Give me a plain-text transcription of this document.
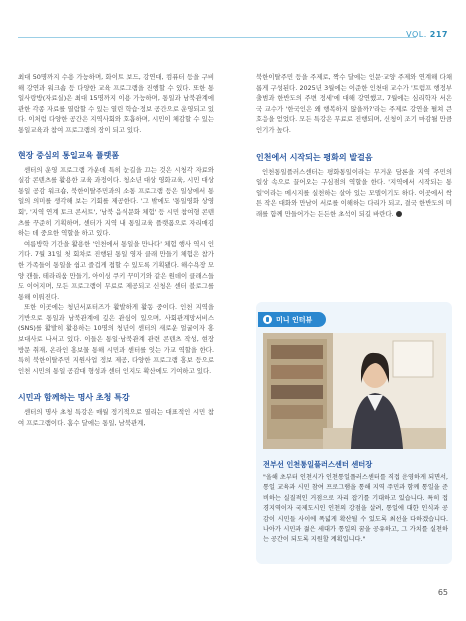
VOL. 217

최대 50명까지 수용 가능하며, 화이트 보드, 강연대, 컴퓨터 등을 구비해 강연과 워크숍 등 다양한 교육 프로그램을 진행할 수 있다. 또한 통일사랑방(자료실)은 최대 15명까지 이용 가능하며, 통일과 남북관계에 관한 각종 자료를 열람할 수 있는 열린 학습·정보 공간으로 운영되고 있다. 이처럼 다양한 공간은 지역사회와 호흡하며, 시민이 체감할 수 있는 통일교육과 참여 프로그램의 장이 되고 있다.

현장 중심의 통일교육 플랫폼

센터의 운영 프로그램 가운데 특히 눈길을 끄는 것은 시청각 자료와 실감 콘텐츠를 활용한 교육 과정이다. 청소년 대상 영화교육, 시민 대상 통일 공감 워크숍, 북한이탈주민과의 소통 프로그램 등은 일상에서 통일의 의미를 생각해 보는 기회를 제공한다. '그 밖에도 '통일영화 상영회', '지역 연계 토크 콘서트', '남북 음식문화 체험' 등 시민 참여형 콘텐츠를 꾸준히 기획하며, 센터가 지역 내 통일교육 플랫폼으로 자리매김하는 데 중요한 역할을 하고 있다.

여름방학 기간을 활용한 '인천에서 통일을 만나다' 체험 행사 역시 인기다. 7월 31일 첫 회차로 진행된 통일 영자 클래 만들기 체험은 참가한 가족들이 통일을 쉽고 즐겁게 접할 수 있도록 기획됐다. 해수욕장 모양 캔들, 테라리움 만들기, 아이싱 쿠키 꾸미기와 같은 원데이 클래스들도 이어지며, 모든 프로그램이 무료로 제공되고 신청은 센터 블로그를 통해 이뤄진다.

또한 이곳에는 청년서포터즈가 활발하게 활동 중이다. 인천 지역을 기반으로 통일과 남북관계에 깊은 관심이 있으며, 사회관계망서비스(SNS)를 활발히 활용하는 10명의 청년이 센터의 새로운 얼굴이자 홍보대사로 나서고 있다. 이들은 통일·남북관계 관련 콘텐츠 작성, 현장 방문 취재, 온라인 홍보물 통해 시민과 센터를 잇는 가교 역할을 한다. 특히 북한이탈주민 지원사업 정보 제공, 다양한 프로그램 홍보 등으로 인천 시민의 통일 공감대 형성과 센터 인지도 확산에도 기여하고 있다.

시민과 함께하는 명사 초청 특강

센터의 명사 초청 특강은 매월 정기적으로 열리는 대표적인 시민 참여 프로그램이다. 홈수 달에는 통일, 남북관계,

북한이탈주민 등을 주제로, 짝수 달에는 인문·교양 주제와 연계해 다채롭게 구성된다. 2025년 3월에는 이준한 인천대 교수가 '트럼프 행정부 출범과 한반도의 주변 정세'에 대해 강연했고, 7월에는 심리학자 서은국 교수가 '한국인은 왜 행복하지 않을까?'라는 주제로 강연을 펼쳐 큰 호응을 얻었다. 모든 특강은 무료로 진행되며, 신청이 조기 마감될 만큼 인기가 높다.

인천에서 시작되는 평화의 발걸음

인천통일플러스센터는 평화통일이라는 무거운 담론을 지역 주민의 일상 속으로 끌어오는 구심점의 역할을 한다. '지역에서 시작되는 통일'이라는 메시지를 실천하는 살아 있는 모델이기도 하다. 이곳에서 싹튼 작은 대화와 만남이 서로를 이해하는 다리가 되고, 결국 한반도의 미래를 함께 만들어가는 든든한 초석이 되길 바란다.

미니 인터뷰
전부선 인천통일플러스센터 센터장
"올해 초부터 인천시가 인천통일플러스센터를 직접 운영하게 되면서, 통일 교육과 시민 참여 프로그램을 통해 지역 주민과 함께 통일을 준비하는 실질적인 거점으로 자리 잡기를 기대하고 있습니다. 특히 접경지역이자 국제도시인 인천의 강점을 살려, 통일에 대한 인식과 공감이 시민들 사이에 폭넓게 확산될 수 있도록 최선을 다하겠습니다. 나아가 시민과 젊은 세대가 통일의 꿈을 공유하고, 그 가치를 실천하는 공간이 되도록 지원할 계획입니다."
65
